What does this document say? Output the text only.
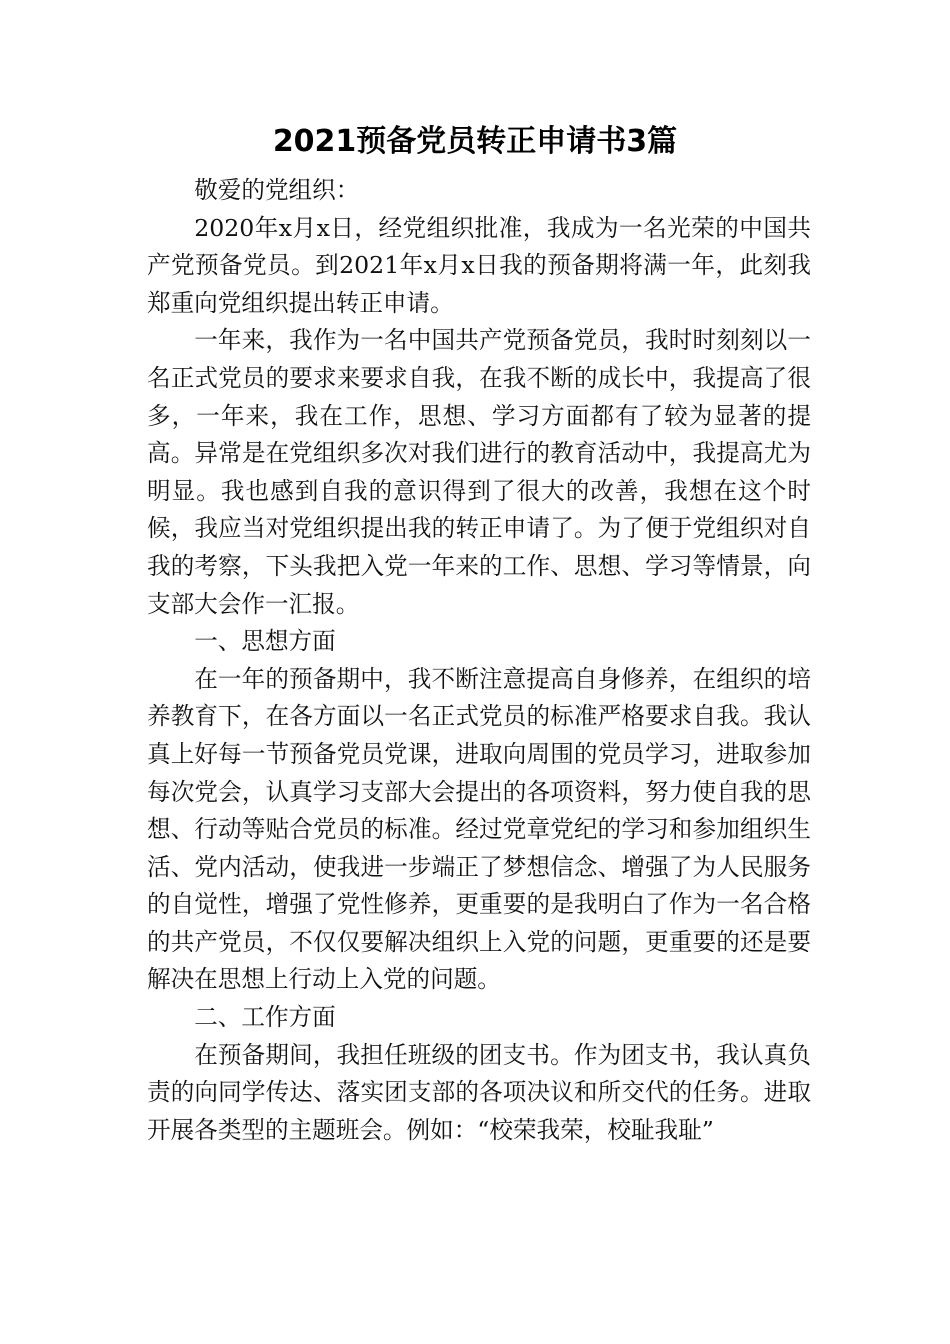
2021预备党员转正申请书3篇

敬爱的党组织：

2020年x月x日，经党组织批准，我成为一名光荣的中国共产党预备党员。到2021年x月x日我的预备期将满一年，此刻我郑重向党组织提出转正申请。

一年来，我作为一名中国共产党预备党员，我时时刻刻以一名正式党员的要求来要求自我，在我不断的成长中，我提高了很多，一年来，我在工作，思想、学习方面都有了较为显著的提高。异常是在党组织多次对我们进行的教育活动中，我提高尤为明显。我也感到自我的意识得到了很大的改善，我想在这个时候，我应当对党组织提出我的转正申请了。为了便于党组织对自我的考察，下头我把入党一年来的工作、思想、学习等情景，向支部大会作一汇报。

一、思想方面

在一年的预备期中，我不断注意提高自身修养，在组织的培养教育下，在各方面以一名正式党员的标准严格要求自我。我认真上好每一节预备党员党课，进取向周围的党员学习，进取参加每次党会，认真学习支部大会提出的各项资料，努力使自我的思想、行动等贴合党员的标准。经过党章党纪的学习和参加组织生活、党内活动，使我进一步端正了梦想信念、增强了为人民服务的自觉性，增强了党性修养，更重要的是我明白了作为一名合格的共产党员，不仅仅要解决组织上入党的问题，更重要的还是要解决在思想上行动上入党的问题。

二、工作方面

在预备期间，我担任班级的团支书。作为团支书，我认真负责的向同学传达、落实团支部的各项决议和所交代的任务。进取开展各类型的主题班会。例如：“校荣我荣，校耻我耻”
